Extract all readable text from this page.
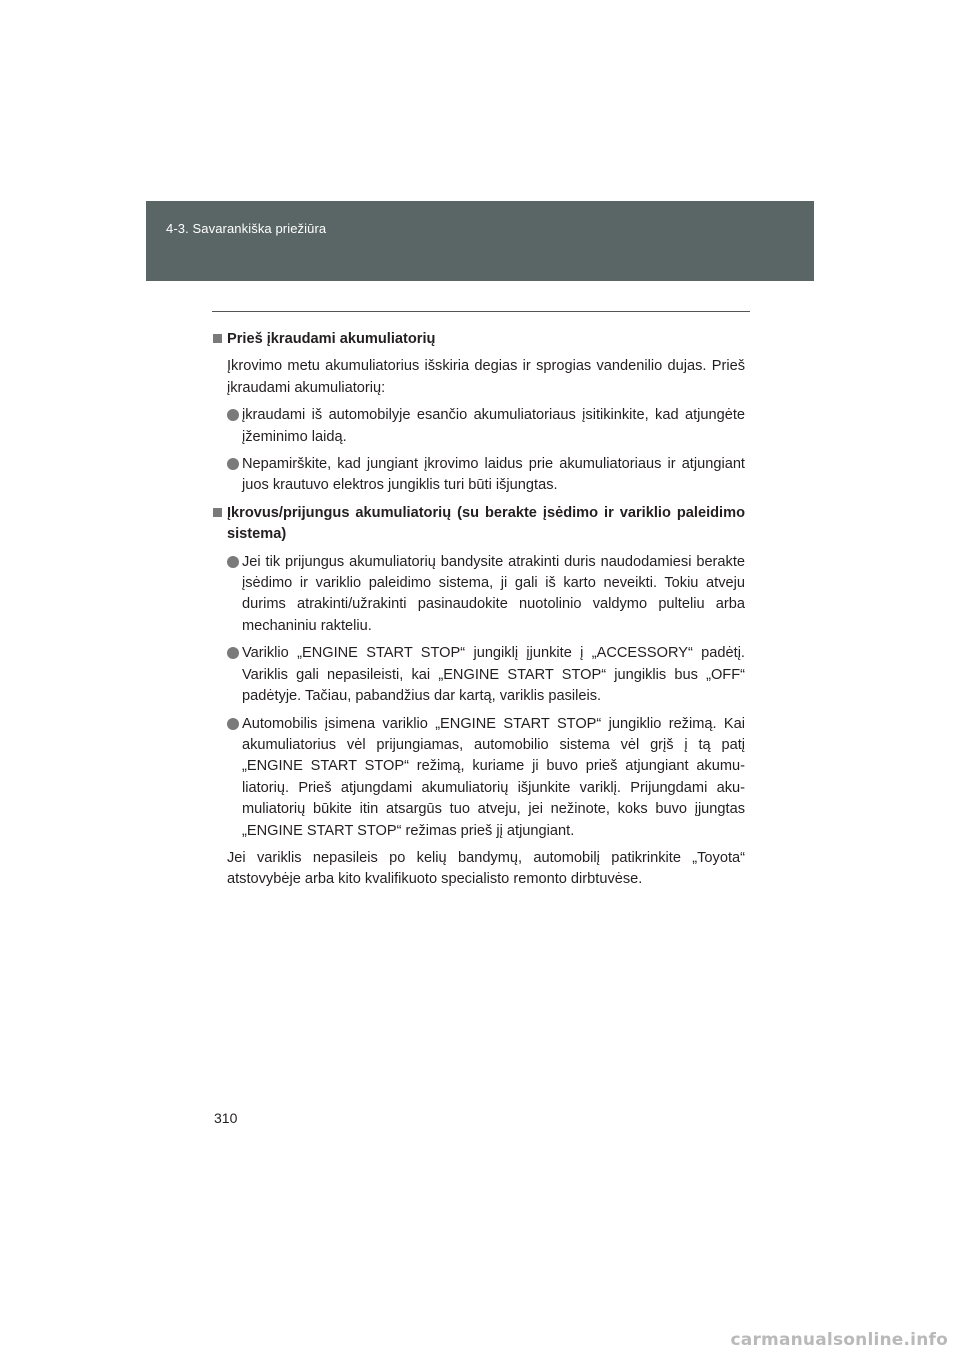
4-3. Savarankiška priežiūra
Prieš įkraudami akumuliatorių
Įkrovimo metu akumuliatorius išskiria degias ir sprogias vandenilio dujas. Prieš įkraudami akumuliatorių:
įkraudami iš automobilyje esančio akumuliatoriaus įsitikinkite, kad atjungėte įžeminimo laidą.
Nepamirškite, kad jungiant įkrovimo laidus prie akumuliatoriaus ir atjungiant juos krautuvo elektros jungiklis turi būti išjungtas.
Įkrovus/prijungus akumuliatorių (su berakte įsėdimo ir variklio paleidimo sistema)
Jei tik prijungus akumuliatorių bandysite atrakinti duris naudodamiesi berakte įsėdimo ir variklio paleidimo sistema, ji gali iš karto neveikti. Tokiu atveju durims atrakinti/užrakinti pasinaudokite nuotolinio valdymo pulteliu arba mechaniniu rakteliu.
Variklio „ENGINE START STOP“ jungiklį įjunkite į „ACCESSORY“ padėtį. Variklis gali nepasileisti, kai „ENGINE START STOP“ jungiklis bus „OFF“ padėtyje. Tačiau, pabandžius dar kartą, variklis pasileis.
Automobilis įsimena variklio „ENGINE START STOP“ jungiklio režimą. Kai akumuliatorius vėl prijungiamas, automobilio sistema vėl grįš į tą patį „ENGINE START STOP“ režimą, kuriame ji buvo prieš atjungiant akumuliatorių. Prieš atjungdami akumuliatorių išjunkite variklį. Prijungdami akumuliatorių būkite itin atsargūs tuo atveju, jei nežinote, koks buvo įjungtas „ENGINE START STOP“ režimas prieš jį atjungiant.
Jei variklis nepasileis po kelių bandymų, automobilį patikrinkite „Toyota“ atstovybėje arba kito kvalifikuoto specialisto remonto dirbtuvėse.
310
carmanualsonline.info
